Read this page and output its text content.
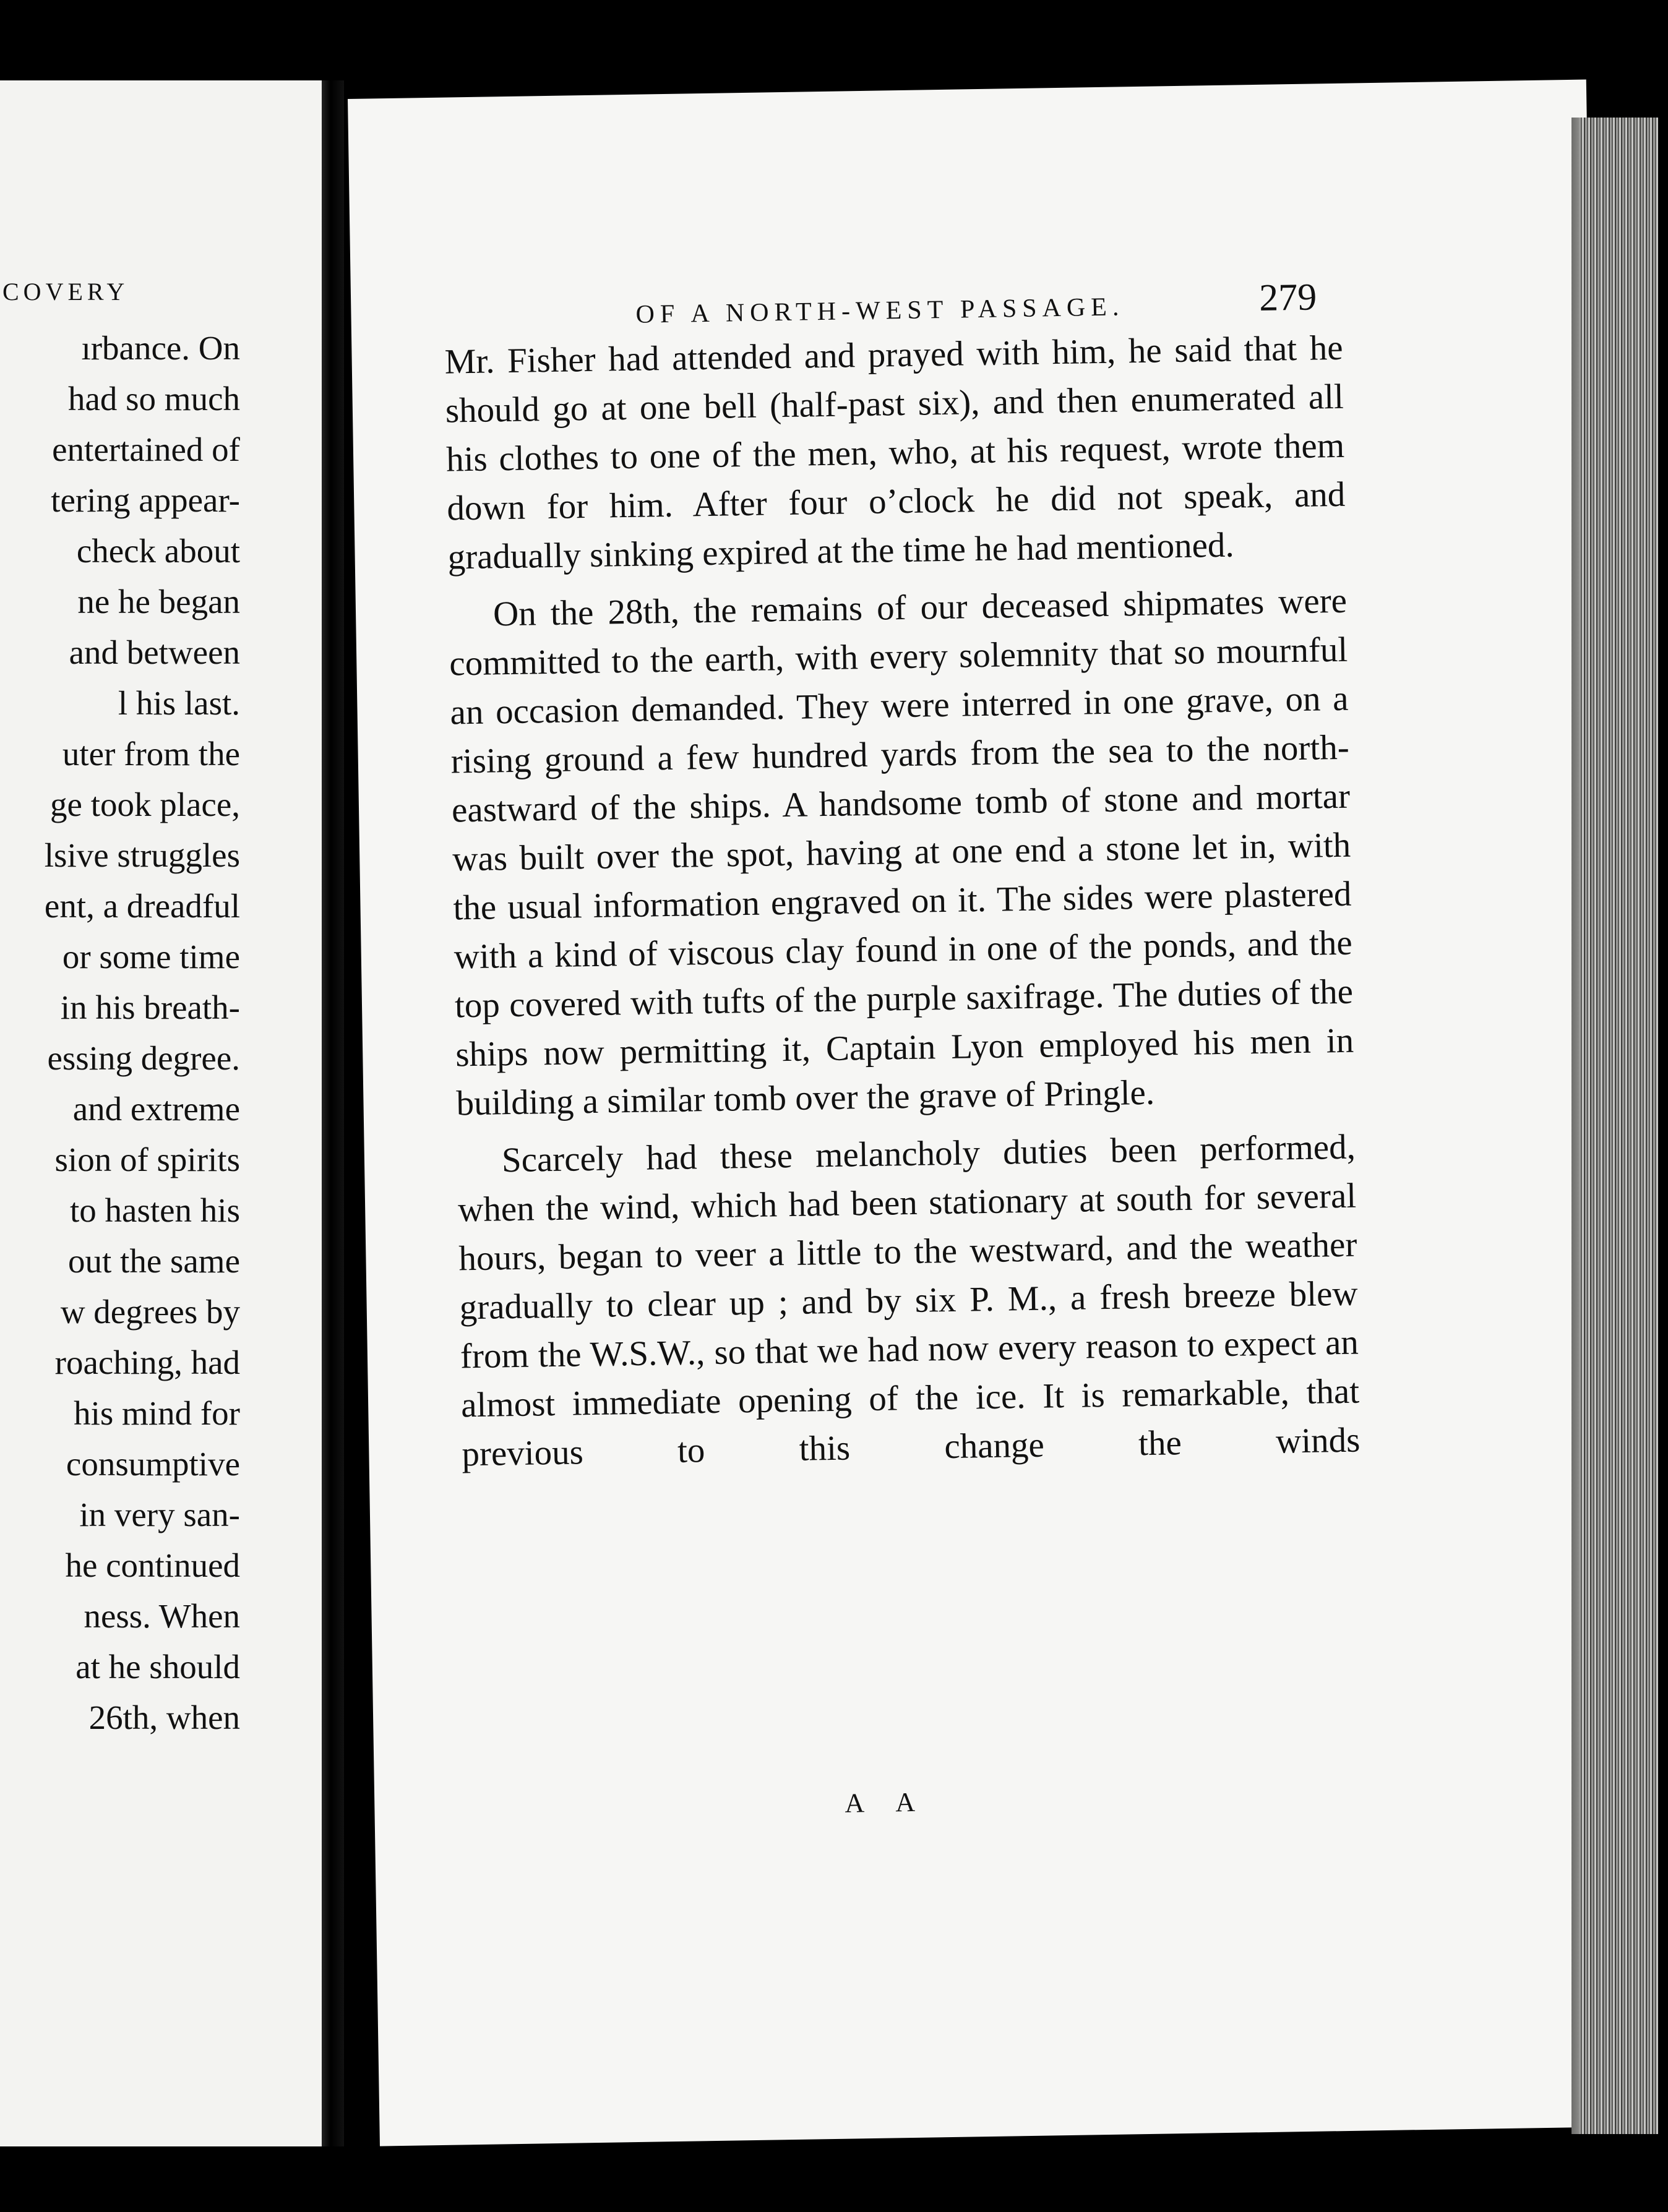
COVERY

ırbance. On
had so much
entertained of
tering appear-
check about
ne he began
and between
l his last.
uter from the
ge took place,
lsive struggles
ent, a dreadful
or some time
in his breath-
essing degree.
and extreme
sion of spirits
to hasten his
out the same
w degrees by
roaching, had
his mind for
consumptive
in very san-
he continued
ness. When
at he should
26th, when

OF A NORTH-WEST PASSAGE.	279

Mr. Fisher had attended and prayed with him, he said that he should go at one bell (half-past six), and then enumerated all his clothes to one of the men, who, at his request, wrote them down for him. After four o’clock he did not speak, and gradually sinking expired at the time he had mentioned.

On the 28th, the remains of our deceased shipmates were committed to the earth, with every solemnity that so mournful an occasion demanded. They were interred in one grave, on a rising ground a few hundred yards from the sea to the north-eastward of the ships. A handsome tomb of stone and mortar was built over the spot, having at one end a stone let in, with the usual information engraved on it. The sides were plastered with a kind of viscous clay found in one of the ponds, and the top covered with tufts of the purple saxifrage. The duties of the ships now permitting it, Captain Lyon employed his men in building a similar tomb over the grave of Pringle.

Scarcely had these melancholy duties been performed, when the wind, which had been stationary at south for several hours, began to veer a little to the westward, and the weather gradually to clear up ; and by six P. M., a fresh breeze blew from the W.S.W., so that we had now every reason to expect an almost immediate opening of the ice. It is remarkable, that previous to this change the winds

A A
